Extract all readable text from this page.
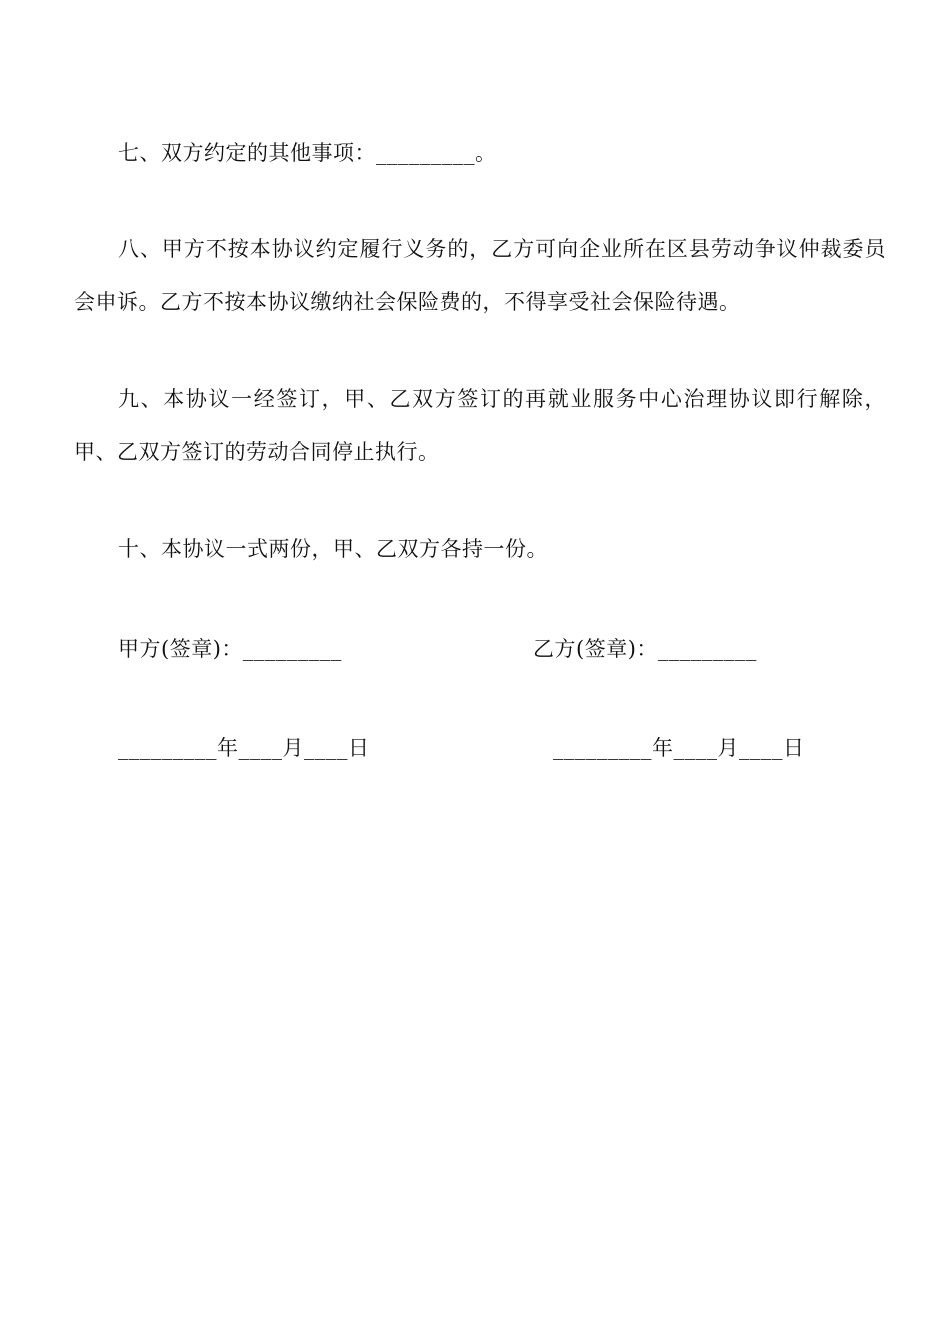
七、双方约定的其他事项：_________。

八、甲方不按本协议约定履行义务的，乙方可向企业所在区县劳动争议仲裁委员会申诉。乙方不按本协议缴纳社会保险费的，不得享受社会保险待遇。

九、本协议一经签订，甲、乙双方签订的再就业服务中心治理协议即行解除，甲、乙双方签订的劳动合同停止执行。

十、本协议一式两份，甲、乙双方各持一份。
甲方(签章)：_________	乙方(签章)：_________
_________年____月____日	_________年____月____日
